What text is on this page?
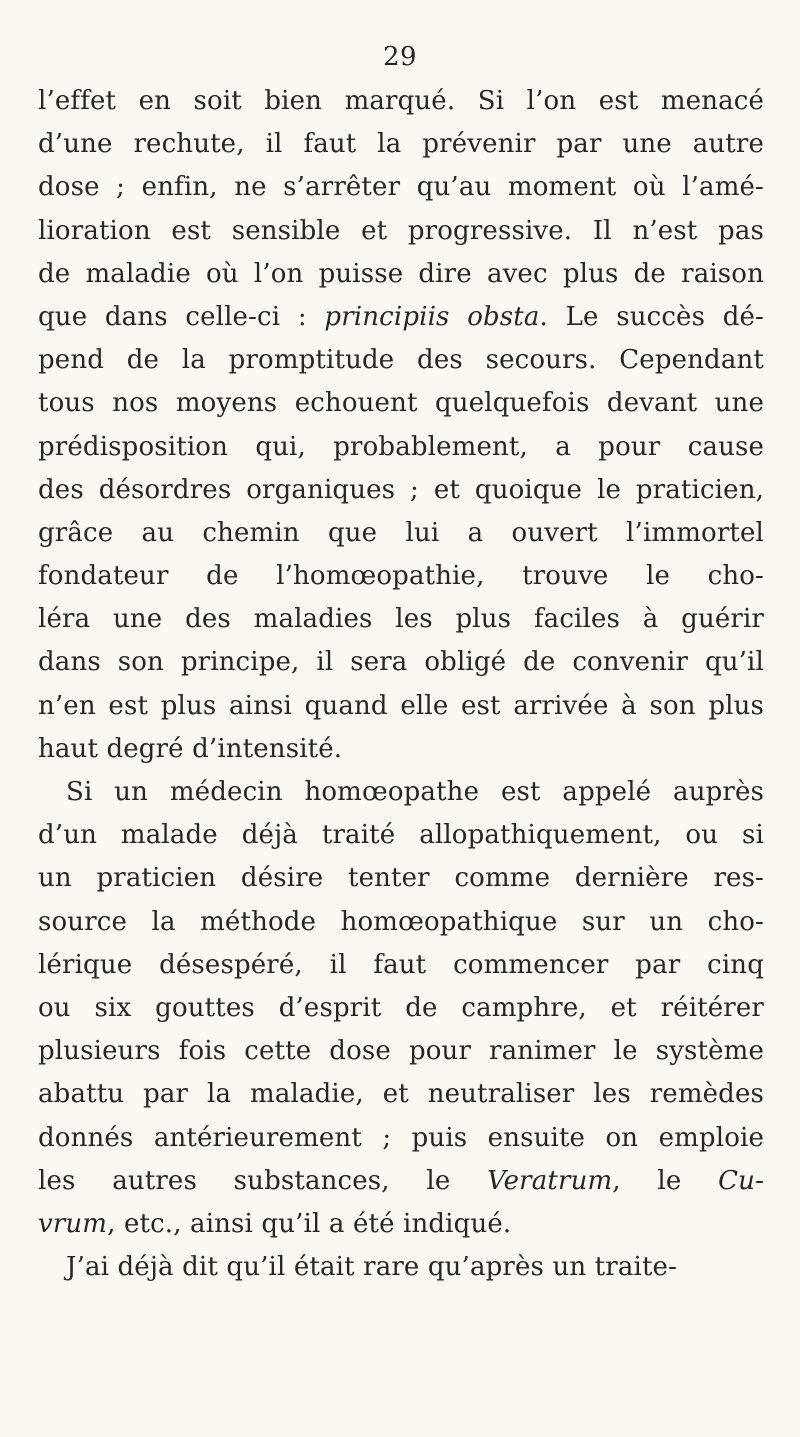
29
l’effet en soit bien marqué. Si l’on est menacé
d’une rechute, il faut la prévenir par une autre
dose ; enfin, ne s’arrêter qu’au moment où l’amé-
lioration est sensible et progressive. Il n’est pas
de maladie où l’on puisse dire avec plus de raison
que dans celle-ci : principiis obsta. Le succès dé-
pend de la promptitude des secours. Cependant
tous nos moyens echouent quelquefois devant une
prédisposition qui, probablement, a pour cause
des désordres organiques ; et quoique le praticien,
grâce au chemin que lui a ouvert l’immortel
fondateur de l’homœopathie, trouve le cho-
léra une des maladies les plus faciles à guérir
dans son principe, il sera obligé de convenir qu’il
n’en est plus ainsi quand elle est arrivée à son plus
haut degré d’intensité.
Si un médecin homœopathe est appelé auprès
d’un malade déjà traité allopathiquement, ou si
un praticien désire tenter comme dernière res-
source la méthode homœopathique sur un cho-
lérique désespéré, il faut commencer par cinq
ou six gouttes d’esprit de camphre, et réitérer
plusieurs fois cette dose pour ranimer le système
abattu par la maladie, et neutraliser les remèdes
donnés antérieurement ; puis ensuite on emploie
les autres substances, le Veratrum, le Cu-
vrum, etc., ainsi qu’il a été indiqué.
J’ai déjà dit qu’il était rare qu’après un traite-
